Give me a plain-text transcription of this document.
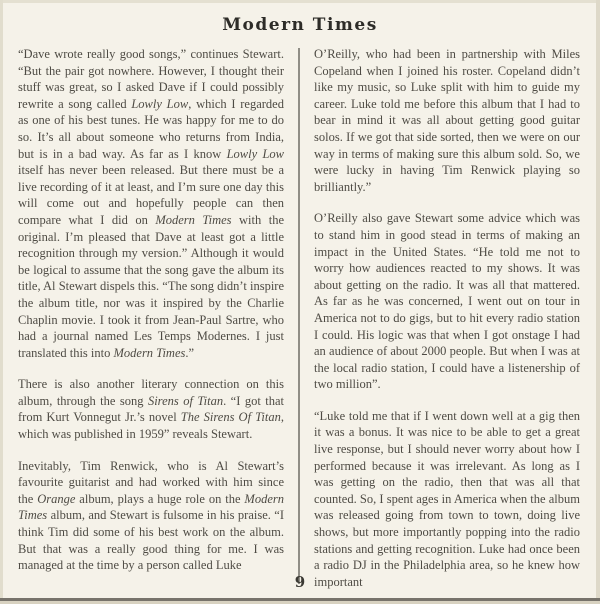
Modern Times

“Dave wrote really good songs,” continues Stewart. “But the pair got nowhere. However, I thought their stuff was great, so I asked Dave if I could possibly rewrite a song called Lowly Low, which I regarded as one of his best tunes. He was happy for me to do so. It’s all about someone who returns from India, but is in a bad way. As far as I know Lowly Low itself has never been released. But there must be a live recording of it at least, and I’m sure one day this will come out and hopefully people can then compare what I did on Modern Times with the original. I’m pleased that Dave at least got a little recognition through my version.” Although it would be logical to assume that the song gave the album its title, Al Stewart dispels this. “The song didn’t inspire the album title, nor was it inspired by the Charlie Chaplin movie. I took it from Jean-Paul Sartre, who had a journal named Les Temps Modernes. I just translated this into Modern Times.”

There is also another literary connection on this album, through the song Sirens of Titan. “I got that from Kurt Vonnegut Jr.’s novel The Sirens Of Titan, which was published in 1959” reveals Stewart.

Inevitably, Tim Renwick, who is Al Stewart’s favourite guitarist and had worked with him since the Orange album, plays a huge role on the Modern Times album, and Stewart is fulsome in his praise. “I think Tim did some of his best work on the album. But that was a really good thing for me. I was managed at the time by a person called Luke

O’Reilly, who had been in partnership with Miles Copeland when I joined his roster. Copeland didn’t like my music, so Luke split with him to guide my career. Luke told me before this album that I had to bear in mind it was all about getting good guitar solos. If we got that side sorted, then we were on our way in terms of making sure this album sold. So, we were lucky in having Tim Renwick playing so brilliantly.”

O’Reilly also gave Stewart some advice which was to stand him in good stead in terms of making an impact in the United States. “He told me not to worry how audiences reacted to my shows. It was about getting on the radio. It was all that mattered. As far as he was concerned, I went out on tour in America not to do gigs, but to hit every radio station I could. His logic was that when I got onstage I had an audience of about 2000 people. But when I was at the local radio station, I could have a listenership of two million”.

“Luke told me that if I went down well at a gig then it was a bonus. It was nice to be able to get a great live response, but I should never worry about how I performed because it was irrelevant. As long as I was getting on the radio, then that was all that counted. So, I spent ages in America when the album was released going from town to town, doing live shows, but more importantly popping into the radio stations and getting recognition. Luke had once been a radio DJ in the Philadelphia area, so he knew how important

9
